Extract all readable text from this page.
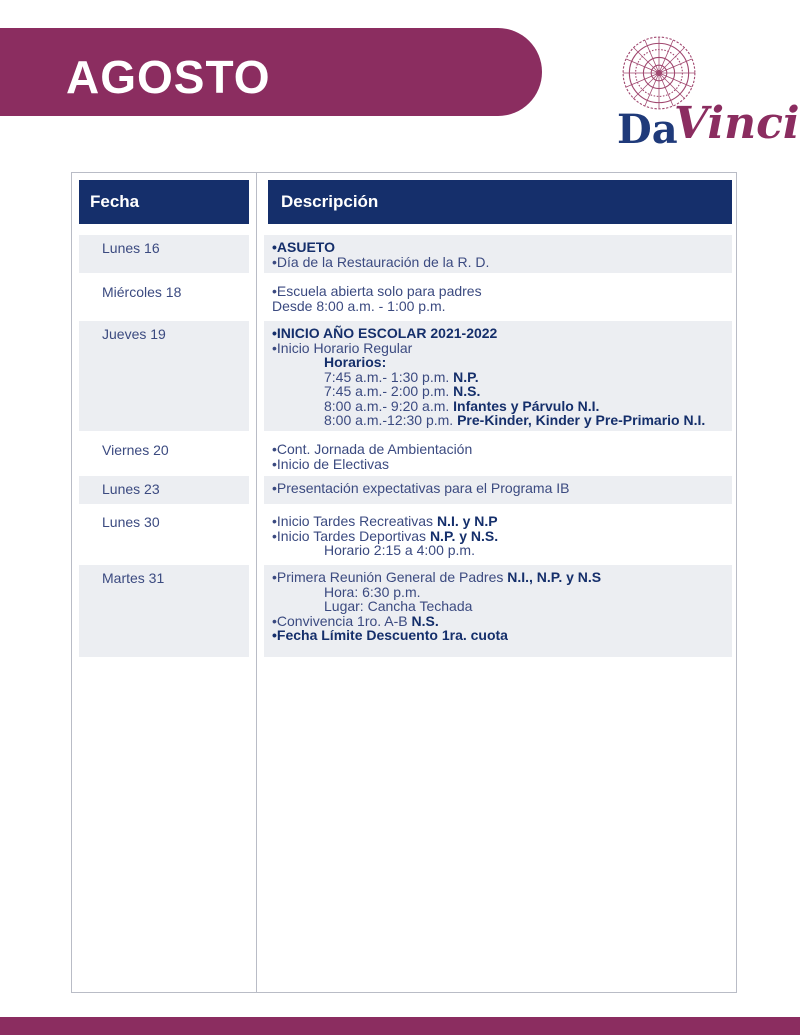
AGOSTO
Da
Vinci
Fecha	Descripción
Lunes 16	•ASUETO
•Día de la Restauración de la R. D.
Miércoles 18	•Escuela abierta solo para padres
Desde 8:00 a.m. - 1:00 p.m.
Jueves 19	•INICIO AÑO ESCOLAR 2021-2022
•Inicio Horario Regular
Horarios:
7:45 a.m.- 1:30 p.m. N.P.
7:45 a.m.- 2:00 p.m. N.S.
8:00 a.m.- 9:20 a.m. Infantes y Párvulo N.I.
8:00 a.m.-12:30 p.m. Pre-Kinder, Kinder y Pre-Primario N.I.
Viernes 20	•Cont. Jornada de Ambientación
•Inicio de Electivas
Lunes 23	•Presentación expectativas para el Programa IB
Lunes 30	•Inicio Tardes Recreativas N.I. y N.P
•Inicio Tardes Deportivas N.P. y N.S.
Horario 2:15 a 4:00 p.m.
Martes 31	•Primera Reunión General de Padres N.I., N.P. y N.S
Hora: 6:30 p.m.
Lugar: Cancha Techada
•Convivencia 1ro. A-B N.S.
•Fecha Límite Descuento 1ra. cuota
